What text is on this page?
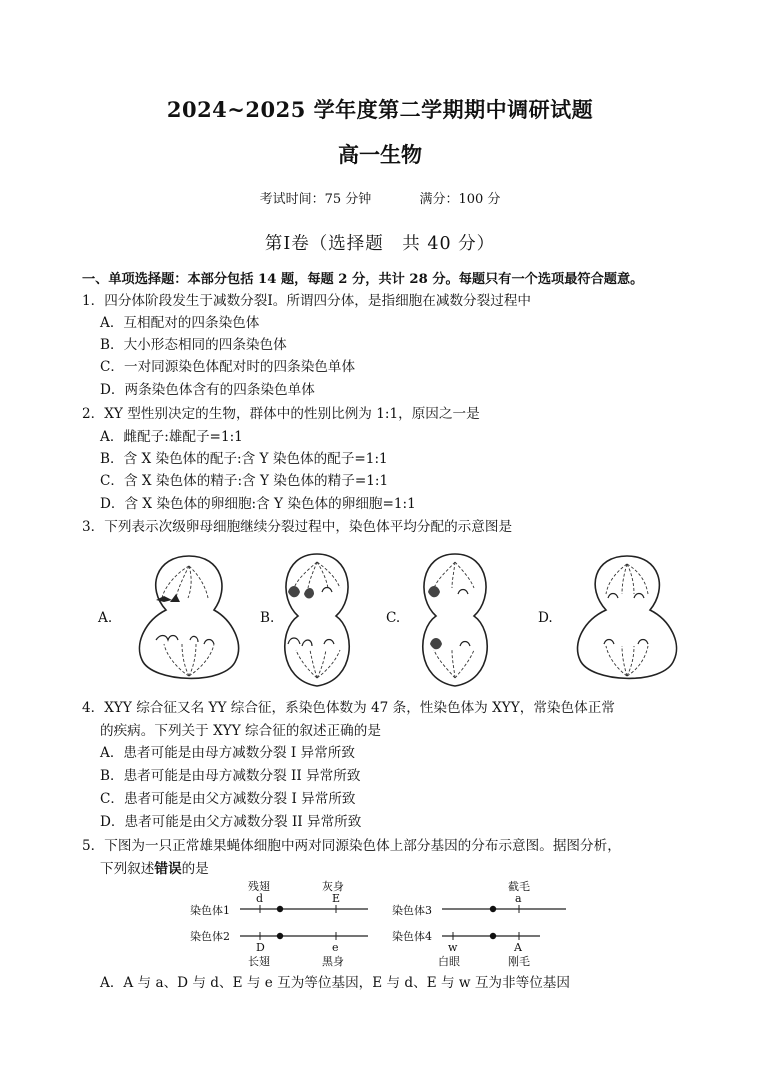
2024~2025 学年度第二学期期中调研试题
高一生物
考试时间：75 分钟	满分：100 分
第Ⅰ卷（选择题　共 40 分）
一、单项选择题：本部分包括 14 题，每题 2 分，共计 28 分。每题只有一个选项最符合题意。
1．四分体阶段发生于减数分裂Ⅰ。所谓四分体，是指细胞在减数分裂过程中
A．互相配对的四条染色体
B．大小形态相同的四条染色体
C．一对同源染色体配对时的四条染色单体
D．两条染色体含有的四条染色单体
2．XY 型性别决定的生物，群体中的性别比例为 1:1，原因之一是
A．雌配子:雄配子=1:1
B．含 X 染色体的配子:含 Y 染色体的配子=1:1
C．含 X 染色体的精子:含 Y 染色体的精子=1:1
D．含 X 染色体的卵细胞:含 Y 染色体的卵细胞=1:1
3．下列表示次级卵母细胞继续分裂过程中，染色体平均分配的示意图是
A.	B.	C.	D.
4．XYY 综合征又名 YY 综合征，系染色体数为 47 条，性染色体为 XYY，常染色体正常
的疾病。下列关于 XYY 综合征的叙述正确的是
A．患者可能是由母方减数分裂 I 异常所致
B．患者可能是由母方减数分裂 II 异常所致
C．患者可能是由父方减数分裂 I 异常所致
D．患者可能是由父方减数分裂 II 异常所致
5．下图为一只正常雄果蝇体细胞中两对同源染色体上部分基因的分布示意图。据图分析，
下列叙述错误的是
染色体1
残翅
d
灰身
E
染色体2
D
长翅
e
黑身
染色体3
截毛
a
染色体4
w
白眼
A
刚毛
A．A 与 a、D 与 d、E 与 e 互为等位基因，E 与 d、E 与 w 互为非等位基因
